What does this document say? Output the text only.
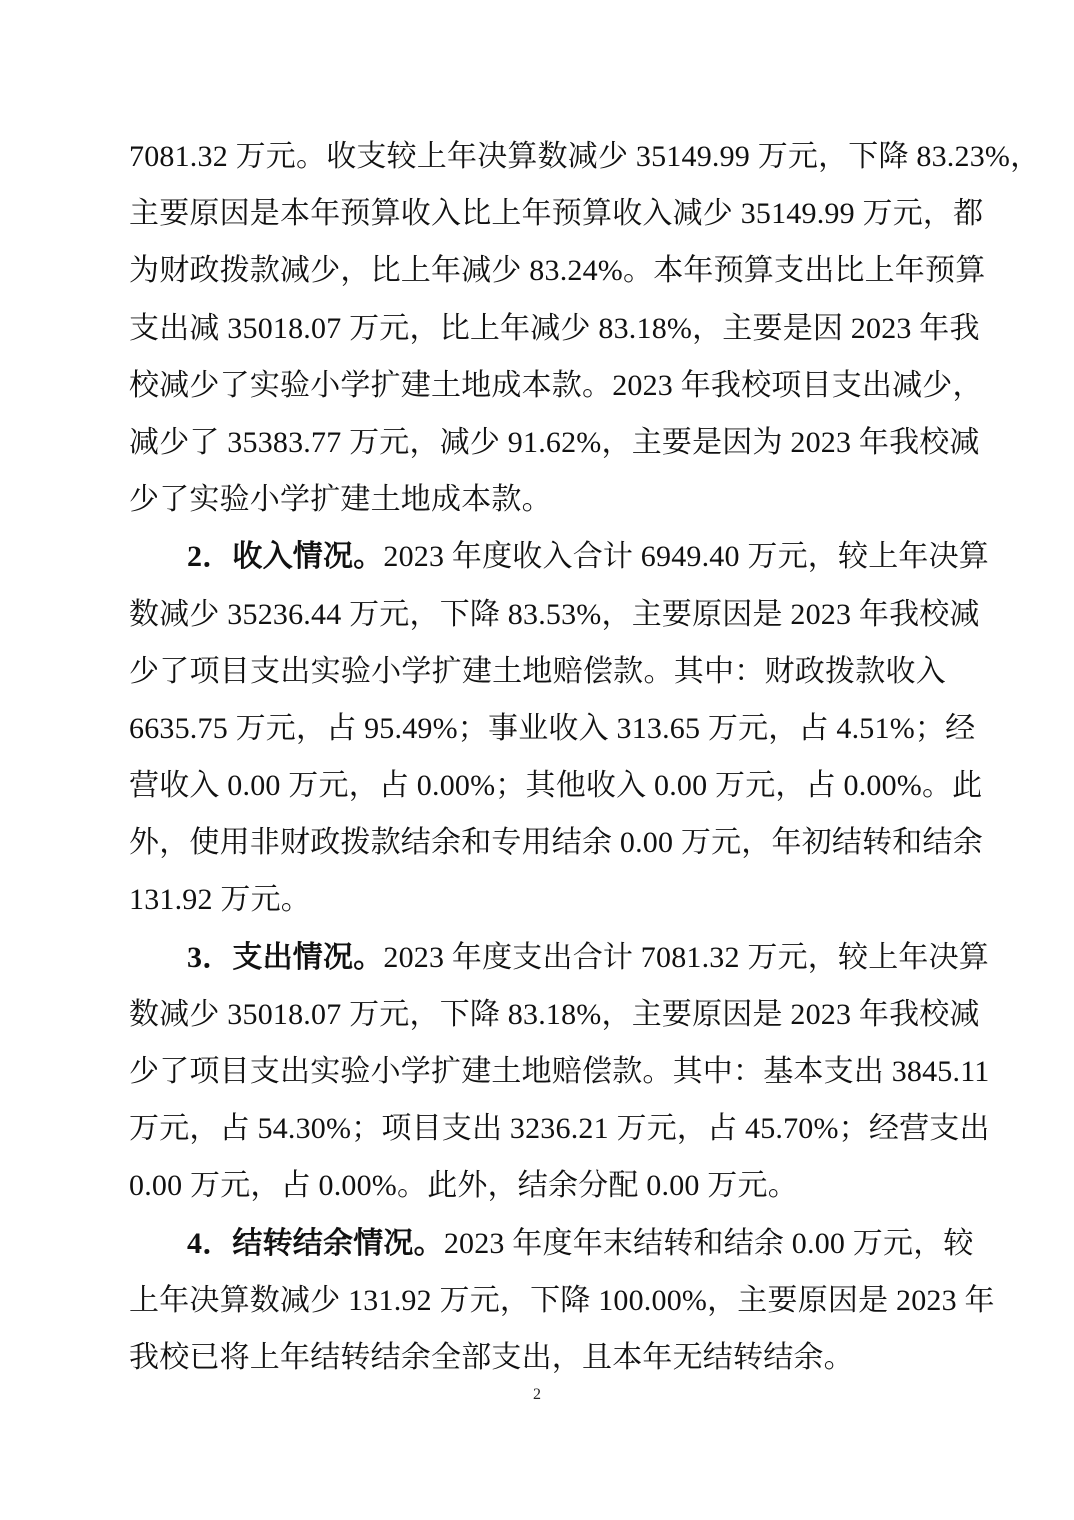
7081.32 万元。收支较上年决算数减少 35149.99 万元，下降 83.23%，
主要原因是本年预算收入比上年预算收入减少 35149.99 万元，都
为财政拨款减少，比上年减少 83.24%。本年预算支出比上年预算
支出减 35018.07 万元，比上年减少 83.18%，主要是因 2023 年我
校减少了实验小学扩建土地成本款。2023 年我校项目支出减少，
减少了 35383.77 万元，减少 91.62%，主要是因为 2023 年我校减
少了实验小学扩建土地成本款。
2．收入情况。2023 年度收入合计 6949.40 万元，较上年决算
数减少 35236.44 万元，下降 83.53%，主要原因是 2023 年我校减
少了项目支出实验小学扩建土地赔偿款。其中：财政拨款收入
6635.75 万元，占 95.49%；事业收入 313.65 万元，占 4.51%；经
营收入 0.00 万元，占 0.00%；其他收入 0.00 万元，占 0.00%。此
外，使用非财政拨款结余和专用结余 0.00 万元，年初结转和结余
131.92 万元。
3．支出情况。2023 年度支出合计 7081.32 万元，较上年决算
数减少 35018.07 万元，下降 83.18%，主要原因是 2023 年我校减
少了项目支出实验小学扩建土地赔偿款。其中：基本支出 3845.11
万元，占 54.30%；项目支出 3236.21 万元，占 45.70%；经营支出
0.00 万元，占 0.00%。此外，结余分配 0.00 万元。
4．结转结余情况。2023 年度年末结转和结余 0.00 万元，较
上年决算数减少 131.92 万元，下降 100.00%，主要原因是 2023 年
我校已将上年结转结余全部支出，且本年无结转结余。
2
